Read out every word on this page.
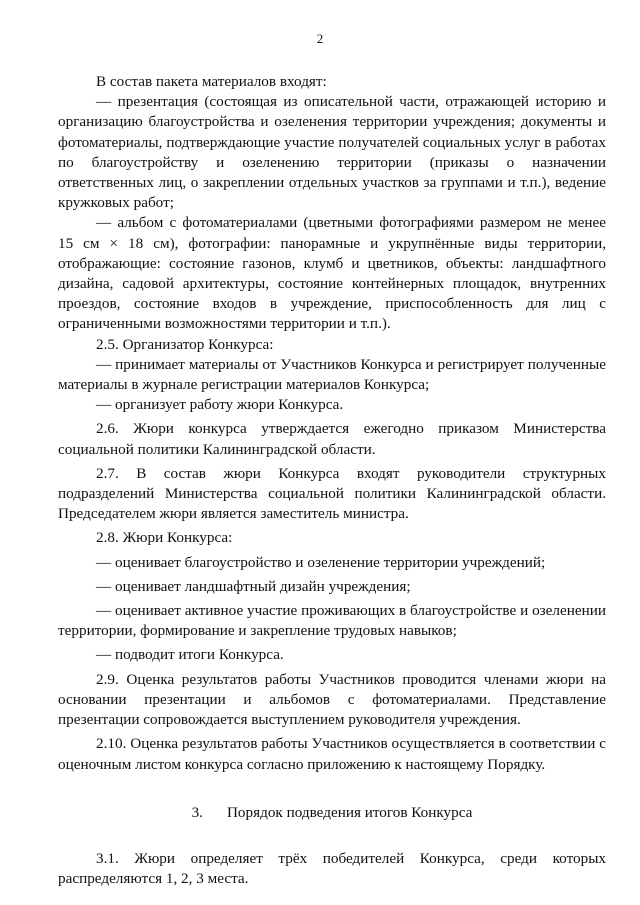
2

В состав пакета материалов входят:

— презентация (состоящая из описательной части, отражающей историю и организацию благоустройства и озеленения территории учреждения; документы и фотоматериалы, подтверждающие участие получателей социальных услуг в работах по благоустройству и озеленению территории (приказы о назначении ответственных лиц, о закреплении отдельных участков за группами и т.п.), ведение кружковых работ;

— альбом с фотоматериалами (цветными фотографиями размером не менее 15 см × 18 см), фотографии: панорамные и укрупнённые виды территории, отображающие: состояние газонов, клумб и цветников, объекты: ландшафтного дизайна, садовой архитектуры, состояние контейнерных площадок, внутренних проездов, состояние входов в учреждение, приспособленность для лиц с ограниченными возможностями территории и т.п.).

2.5. Организатор Конкурса:

— принимает материалы от Участников Конкурса и регистрирует полученные материалы в журнале регистрации материалов Конкурса;

— организует работу жюри Конкурса.

2.6. Жюри конкурса утверждается ежегодно приказом Министерства социальной политики Калининградской области.

2.7. В состав жюри Конкурса входят руководители структурных подразделений Министерства социальной политики Калининградской области. Председателем жюри является заместитель министра.

2.8. Жюри Конкурса:

— оценивает благоустройство и озеленение территории учреждений;

— оценивает ландшафтный дизайн учреждения;

— оценивает активное участие проживающих в благоустройстве и озеленении территории, формирование и закрепление трудовых навыков;

— подводит итоги Конкурса.

2.9. Оценка результатов работы Участников проводится членами жюри на основании презентации и альбомов с фотоматериалами. Представление презентации сопровождается выступлением руководителя учреждения.

2.10. Оценка результатов работы Участников осуществляется в соответствии с оценочным листом конкурса согласно приложению к настоящему Порядку.

3. Порядок подведения итогов Конкурса

3.1. Жюри определяет трёх победителей Конкурса, среди которых распределяются 1, 2, 3 места.
